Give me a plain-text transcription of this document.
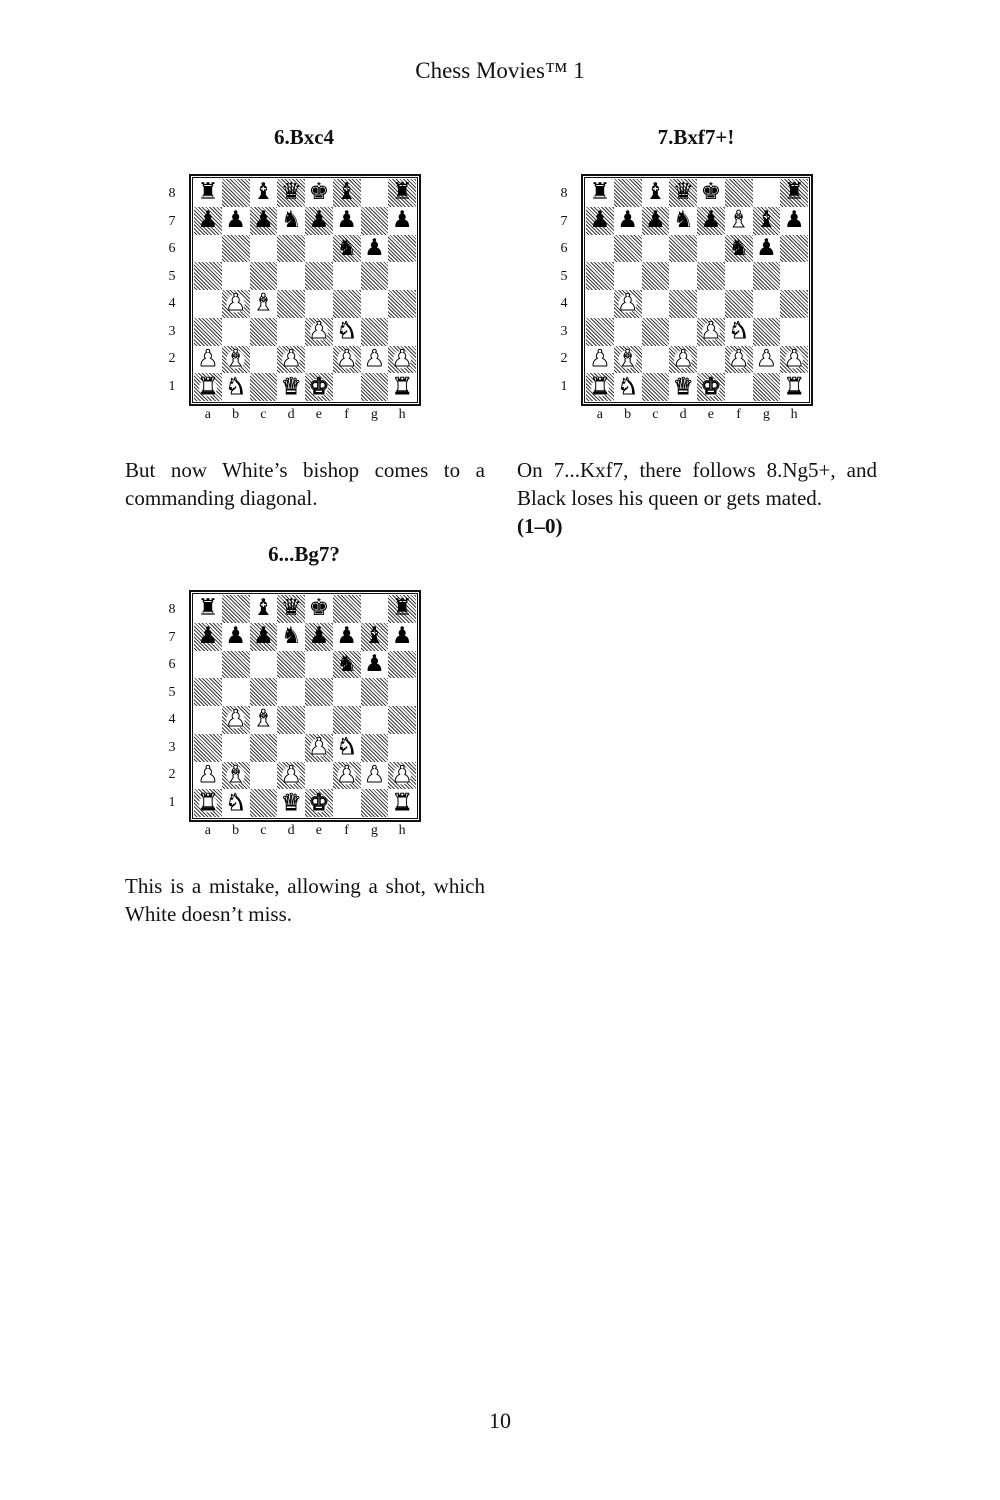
Chess Movies™ 1
6.Bxc4
8
7
6
5
4
3
2
1
♜ ♝ ♛ ♚ ♝ ♜
♟ ♟ ♟ ♞ ♟ ♟ ♟
♞ ♟
♟ ♝
♟ ♞
♟ ♝ ♟ ♟ ♟ ♟
♜ ♞ ♛ ♚	♜
a	b	c	d	e	f	g	h
But now White’s bishop comes to a commanding diagonal.
7.Bxf7+!
8
7
6
5
4
3
2
1
♜ ♝ ♛ ♚	♜
♟ ♟ ♟ ♞ ♟ ♝ ♝ ♟
♞ ♟
♟
♟ ♞
♟ ♝ ♟ ♟ ♟ ♟
♜ ♞ ♛ ♚	♜
a	b	c	d	e	f	g	h
On 7...Kxf7, there follows 8.Ng5+, and Black loses his queen or gets mated.
(1–0)
6...Bg7?
8
7
6
5
4
3
2
1
♜ ♝ ♛ ♚	♜
♟ ♟ ♟ ♞ ♟ ♟ ♝ ♟
♞ ♟
♟ ♝
♟ ♞
♟ ♝ ♟ ♟ ♟ ♟
♜ ♞ ♛ ♚	♜
a	b	c	d	e	f	g	h
This is a mistake, allowing a shot, which White doesn’t miss.
10
